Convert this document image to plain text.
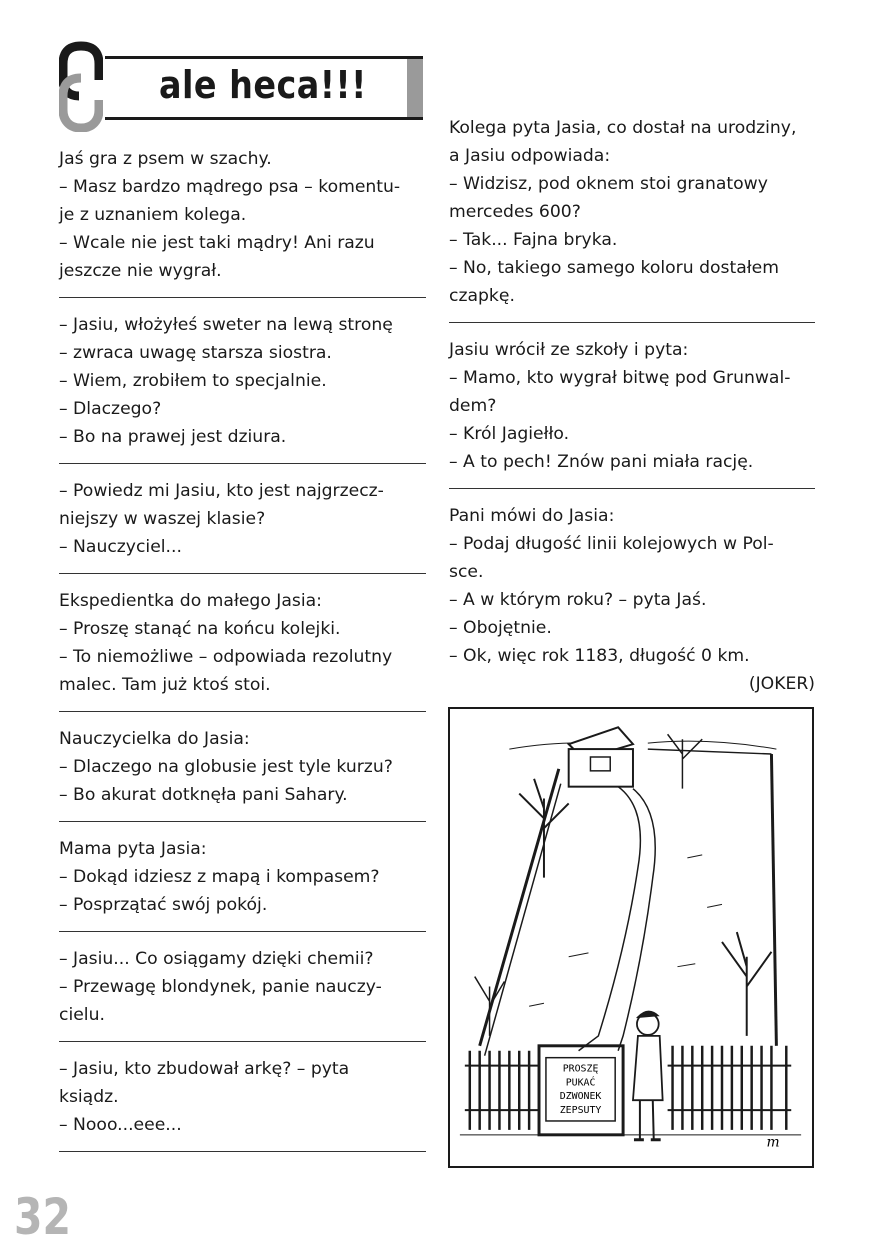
ale heca!!!
Jaś gra z psem w szachy.
– Masz bardzo mądrego psa – komentu-
je z uznaniem kolega.
– Wcale nie jest taki mądry! Ani razu
jeszcze nie wygrał.
– Jasiu, włożyłeś sweter na lewą stronę
– zwraca uwagę starsza siostra.
– Wiem, zrobiłem to specjalnie.
– Dlaczego?
– Bo na prawej jest dziura.
– Powiedz mi Jasiu, kto jest najgrzecz-
niejszy w waszej klasie?
– Nauczyciel...
Ekspedientka do małego Jasia:
– Proszę stanąć na końcu kolejki.
– To niemożliwe – odpowiada rezolutny
malec. Tam już ktoś stoi.
Nauczycielka do Jasia:
– Dlaczego na globusie jest tyle kurzu?
– Bo akurat dotknęła pani Sahary.
Mama pyta Jasia:
– Dokąd idziesz z mapą i kompasem?
– Posprzątać swój pokój.
– Jasiu... Co osiągamy dzięki chemii?
– Przewagę blondynek, panie nauczy-
cielu.
– Jasiu, kto zbudował arkę? – pyta
ksiądz.
– Nooo...eee...
Kolega pyta Jasia, co dostał na urodziny,
a Jasiu odpowiada:
– Widzisz, pod oknem stoi granatowy
mercedes 600?
– Tak... Fajna bryka.
– No, takiego samego koloru dostałem
czapkę.
Jasiu wrócił ze szkoły i pyta:
– Mamo, kto wygrał bitwę pod Grunwal-
dem?
– Król Jagiełło.
– A to pech! Znów pani miała rację.
Pani mówi do Jasia:
– Podaj długość linii kolejowych w Pol-
sce.
– A w którym roku? – pyta Jaś.
– Obojętnie.
– Ok, więc rok 1183, długość 0 km.
(JOKER)
PROSZĘ
PUKAĆ
DZWONEK
ZEPSUTY
m
32
